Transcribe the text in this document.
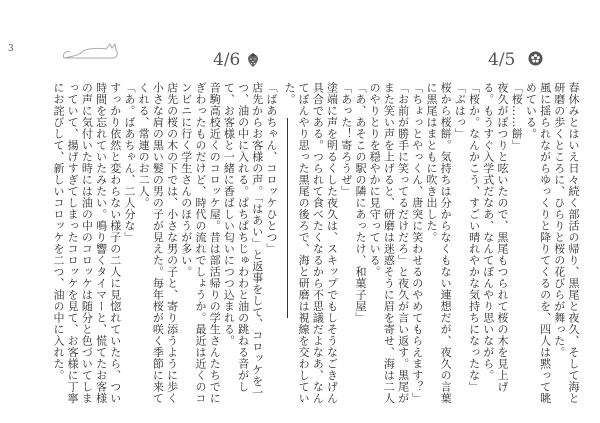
3
4/6	4/5
「ばあちゃん、コロッケひとつ」
店先からお客様の声。「はあい」と返事をして、コロッケを一つ、油の中に入れる。ぱちぱちじゅわわと油の跳ねる音がして、お客様と一緒に香ばしい匂いにつつ込まれる。
音駒高校近くのコロッケ屋。昔は部活帰りの学生さんたちでにぎわったものだけど、時代の流れでしょうか。最近は近くのコンビニに行く学生さんのほうが多い。
店先の桜の木の下では、小さな男の子と、寄り添うように歩く小さな肩の黒い髪の男の子が見えた。毎年桜が咲く季節に来てくれる、常連のお二人。
「あ。ばあちゃん、二人分な」
すっかり依然と変わらない様子の二人に見惚れていたら、つい時間を忘れていたみたい。鳴り響くタイマーと、慌てたお客様の声に気付いた時には油の中のコロッケは随分と色づいてしまっていて、揚げすぎてしまったコロッケを見て、お客様に丁寧にお詫びして、新しいコロッケを二つ、油の中に入れた。	春休みとはいえ日々続く部活の帰り、黒尾と夜久、そして海と研磨の歩くところに、ひらりと桜の花びらが舞った。
風に揺られながらゆっくりと降りてくるのを、四人は黙って眺めている。
「桜……餅」
夜久がぽつりと呟いたので、黒尾もつられて桜の木を見上げる。もうすぐ入学式だなあ、なんてぼんやり思いながら。
「桜か。なんかこう、すごい晴れやかな気持ちになったな」
「ぶはっ」
桜から桜餅。気持ちは分からなくもない連想だが、夜久の言葉に黒尾はまともに吹き出した。
「ちょっとやっくん、唐突に笑わせるのやめてもらえます？」
「お前が勝手に笑ってるだけだろ」と夜久が言い返す。黒尾がまた笑い声を上げると、研磨は迷惑そうに眉を寄せ、海は二人のやりとりを穏やかに見守っている。
「あ、あそこの駅の隣にあったけ、和菓子屋」
「あった！寄ろうぜ」
塗端に声を明るくした夜久は、スキップでもしそうなごきげん具合である。つられて食べたくなるから不思議だよなあ、なんてぼんやり思った黒尾の後ろで、海と研磨は視線を交わしていた。
